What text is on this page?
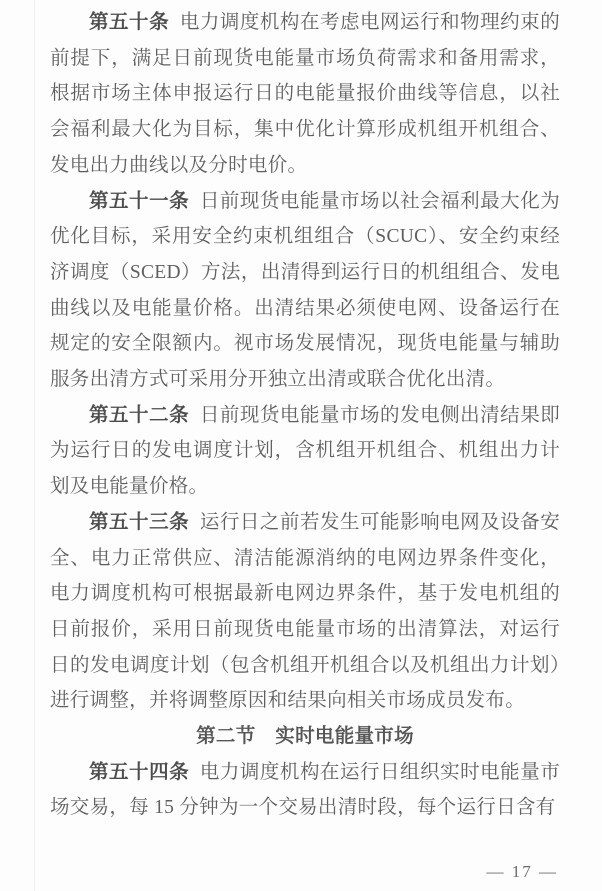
第五十条 电力调度机构在考虑电网运行和物理约束的前提下，满足日前现货电能量市场负荷需求和备用需求，根据市场主体申报运行日的电能量报价曲线等信息，以社会福利最大化为目标，集中优化计算形成机组开机组合、发电出力曲线以及分时电价。

第五十一条 日前现货电能量市场以社会福利最大化为优化目标，采用安全约束机组组合（SCUC）、安全约束经济调度（SCED）方法，出清得到运行日的机组组合、发电曲线以及电能量价格。出清结果必须使电网、设备运行在规定的安全限额内。视市场发展情况，现货电能量与辅助服务出清方式可采用分开独立出清或联合优化出清。

第五十二条 日前现货电能量市场的发电侧出清结果即为运行日的发电调度计划，含机组开机组合、机组出力计划及电能量价格。

第五十三条 运行日之前若发生可能影响电网及设备安全、电力正常供应、清洁能源消纳的电网边界条件变化，电力调度机构可根据最新电网边界条件，基于发电机组的日前报价，采用日前现货电能量市场的出清算法，对运行日的发电调度计划（包含机组开机组合以及机组出力计划）进行调整，并将调整原因和结果向相关市场成员发布。

第二节　实时电能量市场

第五十四条 电力调度机构在运行日组织实时电能量市场交易，每 15 分钟为一个交易出清时段，每个运行日含有

— 17 —
